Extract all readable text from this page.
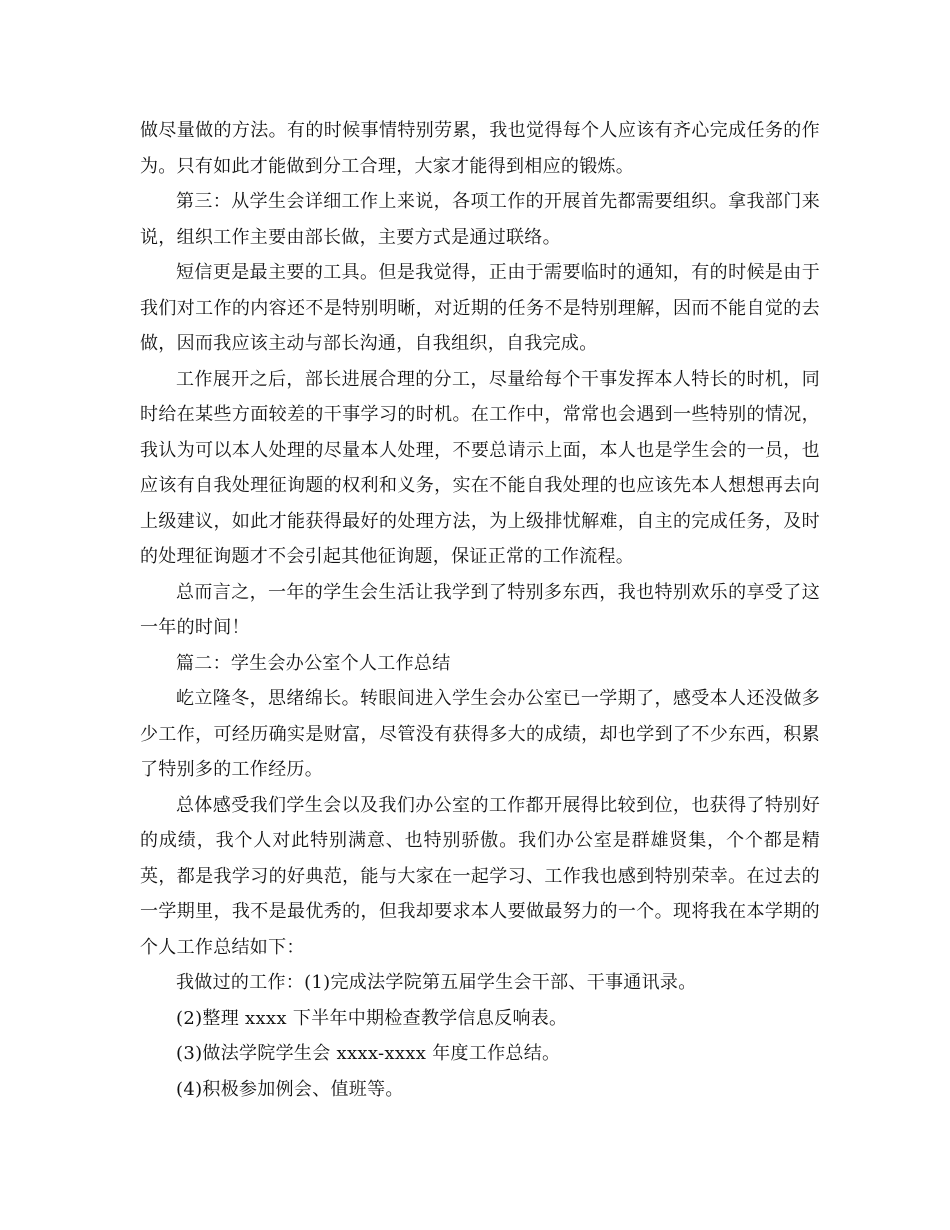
做尽量做的方法。有的时候事情特别劳累，我也觉得每个人应该有齐心完成任务的作为。只有如此才能做到分工合理，大家才能得到相应的锻炼。

第三：从学生会详细工作上来说，各项工作的开展首先都需要组织。拿我部门来说，组织工作主要由部长做，主要方式是通过联络。

短信更是最主要的工具。但是我觉得，正由于需要临时的通知，有的时候是由于我们对工作的内容还不是特别明晰，对近期的任务不是特别理解，因而不能自觉的去做，因而我应该主动与部长沟通，自我组织，自我完成。

工作展开之后，部长进展合理的分工，尽量给每个干事发挥本人特长的时机，同时给在某些方面较差的干事学习的时机。在工作中，常常也会遇到一些特别的情况，我认为可以本人处理的尽量本人处理，不要总请示上面，本人也是学生会的一员，也应该有自我处理征询题的权利和义务，实在不能自我处理的也应该先本人想想再去向上级建议，如此才能获得最好的处理方法，为上级排忧解难，自主的完成任务，及时的处理征询题才不会引起其他征询题，保证正常的工作流程。

总而言之，一年的学生会生活让我学到了特别多东西，我也特别欢乐的享受了这一年的时间！

篇二：学生会办公室个人工作总结

屹立隆冬，思绪绵长。转眼间进入学生会办公室已一学期了，感受本人还没做多少工作，可经历确实是财富，尽管没有获得多大的成绩，却也学到了不少东西，积累了特别多的工作经历。

总体感受我们学生会以及我们办公室的工作都开展得比较到位，也获得了特别好的成绩，我个人对此特别满意、也特别骄傲。我们办公室是群雄贤集，个个都是精英，都是我学习的好典范，能与大家在一起学习、工作我也感到特别荣幸。在过去的一学期里，我不是最优秀的，但我却要求本人要做最努力的一个。现将我在本学期的个人工作总结如下：

我做过的工作：(1)完成法学院第五届学生会干部、干事通讯录。

(2)整理 xxxx 下半年中期检查教学信息反响表。

(3)做法学院学生会 xxxx-xxxx 年度工作总结。

(4)积极参加例会、值班等。
